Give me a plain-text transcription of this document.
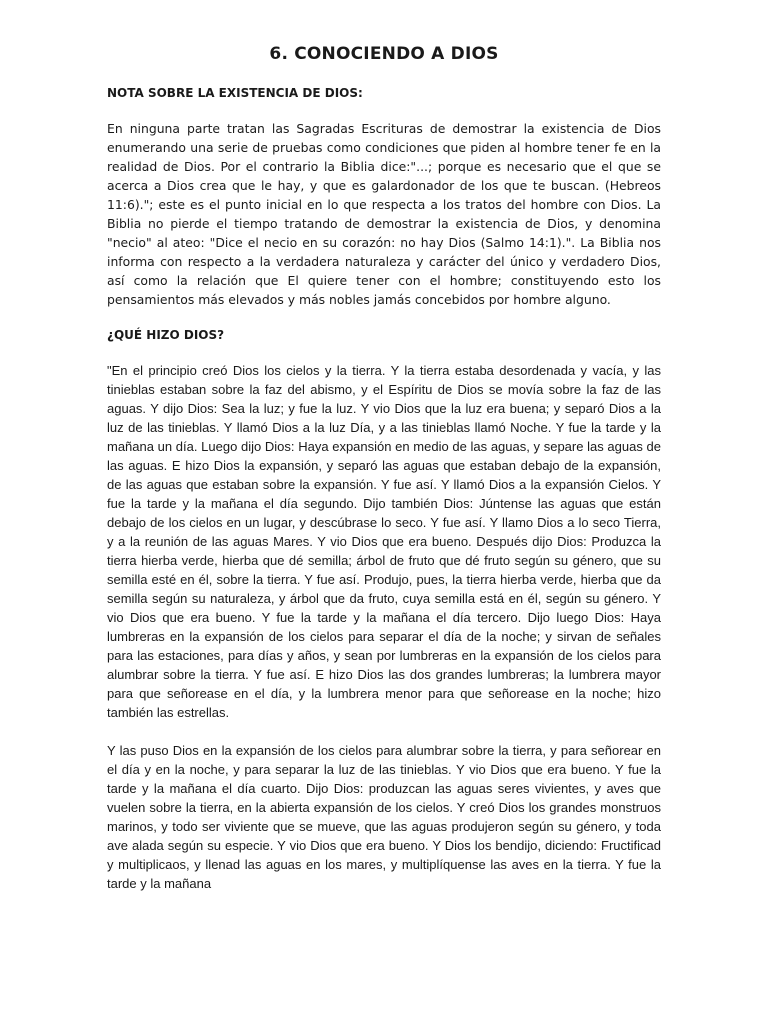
6. CONOCIENDO A DIOS
NOTA SOBRE LA EXISTENCIA DE DIOS:

En ninguna parte tratan las Sagradas Escrituras de demostrar la existencia de Dios enumerando una serie de pruebas como condiciones que piden al hombre tener fe en la realidad de Dios. Por el contrario la Biblia dice:"...; porque es necesario que el que se acerca a Dios crea que le hay, y que es galardonador de los que te buscan. (Hebreos 11:6)."; este es el punto inicial en lo que respecta a los tratos del hombre con Dios. La Biblia no pierde el tiempo tratando de demostrar la existencia de Dios, y denomina "necio" al ateo: "Dice el necio en su corazón: no hay Dios (Salmo 14:1).". La Biblia nos informa con respecto a la verdadera naturaleza y carácter del único y verdadero Dios, así como la relación que El quiere tener con el hombre; constituyendo esto los pensamientos más elevados y más nobles jamás concebidos por hombre alguno.

¿QUÉ HIZO DIOS?

"En el principio creó Dios los cielos y la tierra. Y la tierra estaba desordenada y vacía, y las tinieblas estaban sobre la faz del abismo, y el Espíritu de Dios se movía sobre la faz de las aguas. Y dijo Dios: Sea la luz; y fue la luz. Y vio Dios que la luz era buena; y separó Dios a la luz de las tinieblas. Y llamó Dios a la luz Día, y a las tinieblas llamó Noche. Y fue la tarde y la mañana un día. Luego dijo Dios: Haya expansión en medio de las aguas, y separe las aguas de las aguas. E hizo Dios la expansión, y separó las aguas que estaban debajo de la expansión, de las aguas que estaban sobre la expansión. Y fue así. Y llamó Dios a la expansión Cielos. Y fue la tarde y la mañana el día segundo. Dijo también Dios: Júntense las aguas que están debajo de los cielos en un lugar, y descúbrase lo seco. Y fue así. Y llamo Dios a lo seco Tierra, y a la reunión de las aguas Mares. Y vio Dios que era bueno. Después dijo Dios: Produzca la tierra hierba verde, hierba que dé semilla; árbol de fruto que dé fruto según su género, que su semilla esté en él, sobre la tierra. Y fue así. Produjo, pues, la tierra hierba verde, hierba que da semilla según su naturaleza, y árbol que da fruto, cuya semilla está en él, según su género. Y vio Dios que era bueno. Y fue la tarde y la mañana el día tercero. Dijo luego Dios: Haya lumbreras en la expansión de los cielos para separar el día de la noche; y sirvan de señales para las estaciones, para días y años, y sean por lumbreras en la expansión de los cielos para alumbrar sobre la tierra. Y fue así. E hizo Dios las dos grandes lumbreras; la lumbrera mayor para que señorease en el día, y la lumbrera menor para que señorease en la noche; hizo también las estrellas.

Y las puso Dios en la expansión de los cielos para alumbrar sobre la tierra, y para señorear en el día y en la noche, y para separar la luz de las tinieblas. Y vio Dios que era bueno. Y fue la tarde y la mañana el día cuarto. Dijo Dios: produzcan las aguas seres vivientes, y aves que vuelen sobre la tierra, en la abierta expansión de los cielos. Y creó Dios los grandes monstruos marinos, y todo ser viviente que se mueve, que las aguas produjeron según su género, y toda ave alada según su especie. Y vio Dios que era bueno. Y Dios los bendijo, diciendo: Fructificad y multiplicaos, y llenad las aguas en los mares, y multiplíquense las aves en la tierra. Y fue la tarde y la mañana
